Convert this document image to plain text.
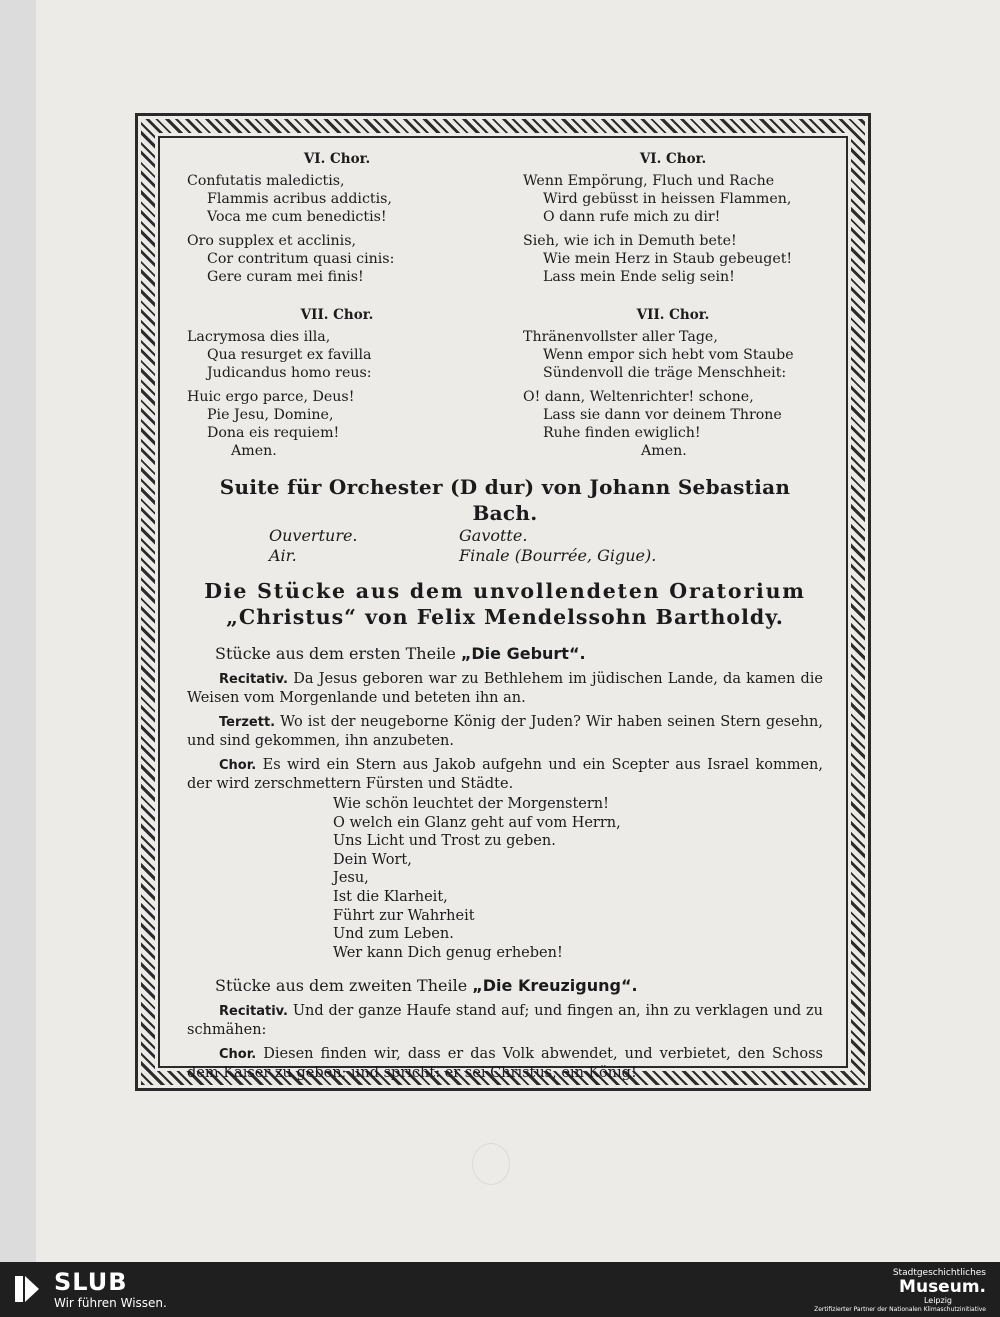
VI. Chor.
Confutatis maledictis,
Flammis acribus addictis,
Voca me cum benedictis!
Oro supplex et acclinis,
Cor contritum quasi cinis:
Gere curam mei finis!
VI. Chor.
Wenn Empörung, Fluch und Rache
Wird gebüsst in heissen Flammen,
O dann rufe mich zu dir!
Sieh, wie ich in Demuth bete!
Wie mein Herz in Staub gebeuget!
Lass mein Ende selig sein!
VII. Chor.
Lacrymosa dies illa,
Qua resurget ex favilla
Judicandus homo reus:
Huic ergo parce, Deus!
Pie Jesu, Domine,
Dona eis requiem!
Amen.
VII. Chor.
Thränenvollster aller Tage,
Wenn empor sich hebt vom Staube
Sündenvoll die träge Menschheit:
O! dann, Weltenrichter! schone,
Lass sie dann vor deinem Throne
Ruhe finden ewiglich!
Amen.
Suite für Orchester (D dur) von Johann Sebastian Bach.
Ouverture.	Gavotte.
Air.	Finale (Bourrée, Gigue).
Die Stücke aus dem unvollendeten Oratorium
„Christus“ von Felix Mendelssohn Bartholdy.
Stücke aus dem ersten Theile „Die Geburt“.
Recitativ. Da Jesus geboren war zu Bethlehem im jüdischen Lande, da kamen die Weisen vom Morgenlande und beteten ihn an.
Terzett. Wo ist der neugeborne König der Juden? Wir haben seinen Stern gesehn, und sind gekommen, ihn anzubeten.
Chor. Es wird ein Stern aus Jakob aufgehn und ein Scepter aus Israel kommen, der wird zerschmettern Fürsten und Städte.
Wie schön leuchtet der Morgenstern!
O welch ein Glanz geht auf vom Herrn,
Uns Licht und Trost zu geben.
Dein Wort,
Jesu,
Ist die Klarheit,
Führt zur Wahrheit
Und zum Leben.
Wer kann Dich genug erheben!
Stücke aus dem zweiten Theile „Die Kreuzigung“.
Recitativ. Und der ganze Haufe stand auf; und fingen an, ihn zu verklagen und zu schmähen:
Chor. Diesen finden wir, dass er das Volk abwendet, und verbietet, den Schoss dem Kaiser zu geben; und spricht: er sei Christus, ein König!
SLUB
Wir führen Wissen.
Stadtgeschichtliches
Museum.
Leipzig
Zertifizierter Partner der Nationalen Klimaschutzinitiative
